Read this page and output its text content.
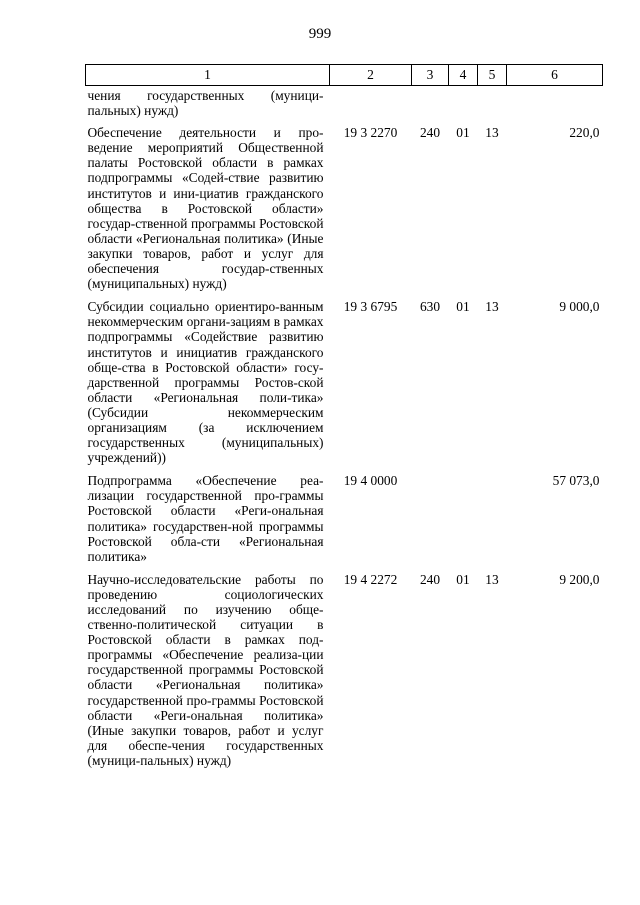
999
1	2	3	4	5	6
чения государственных (муници-пальных) нужд)					
Обеспечение деятельности и про-ведение мероприятий Общественной палаты Ростовской области в рамках подпрограммы «Содей-ствие развитию институтов и ини-циатив гражданского общества в Ростовской области» государ-ственной программы Ростовской области «Региональная политика» (Иные закупки товаров, работ и услуг для обеспечения государ-ственных (муниципальных) нужд)	19 3 2270	240	01	13	220,0
Субсидии социально ориентиро-ванным некоммерческим органи-зациям в рамках подпрограммы «Содействие развитию институтов и инициатив гражданского обще-ства в Ростовской области» госу-дарственной программы Ростов-ской области «Региональная поли-тика» (Субсидии некоммерческим организациям (за исключением государственных (муниципальных) учреждений))	19 3 6795	630	01	13	9 000,0
Подпрограмма «Обеспечение реа-лизации государственной про-граммы Ростовской области «Реги-ональная политика» государствен-ной программы Ростовской обла-сти «Региональная политика»	19 4 0000				57 073,0
Научно-исследовательские работы по проведению социологических исследований по изучению обще-ственно-политической ситуации в Ростовской области в рамках под-программы «Обеспечение реализа-ции государственной программы Ростовской области «Региональная политика» государственной про-граммы Ростовской области «Реги-ональная политика» (Иные закупки товаров, работ и услуг для обеспе-чения государственных (муници-пальных) нужд)	19 4 2272	240	01	13	9 200,0
